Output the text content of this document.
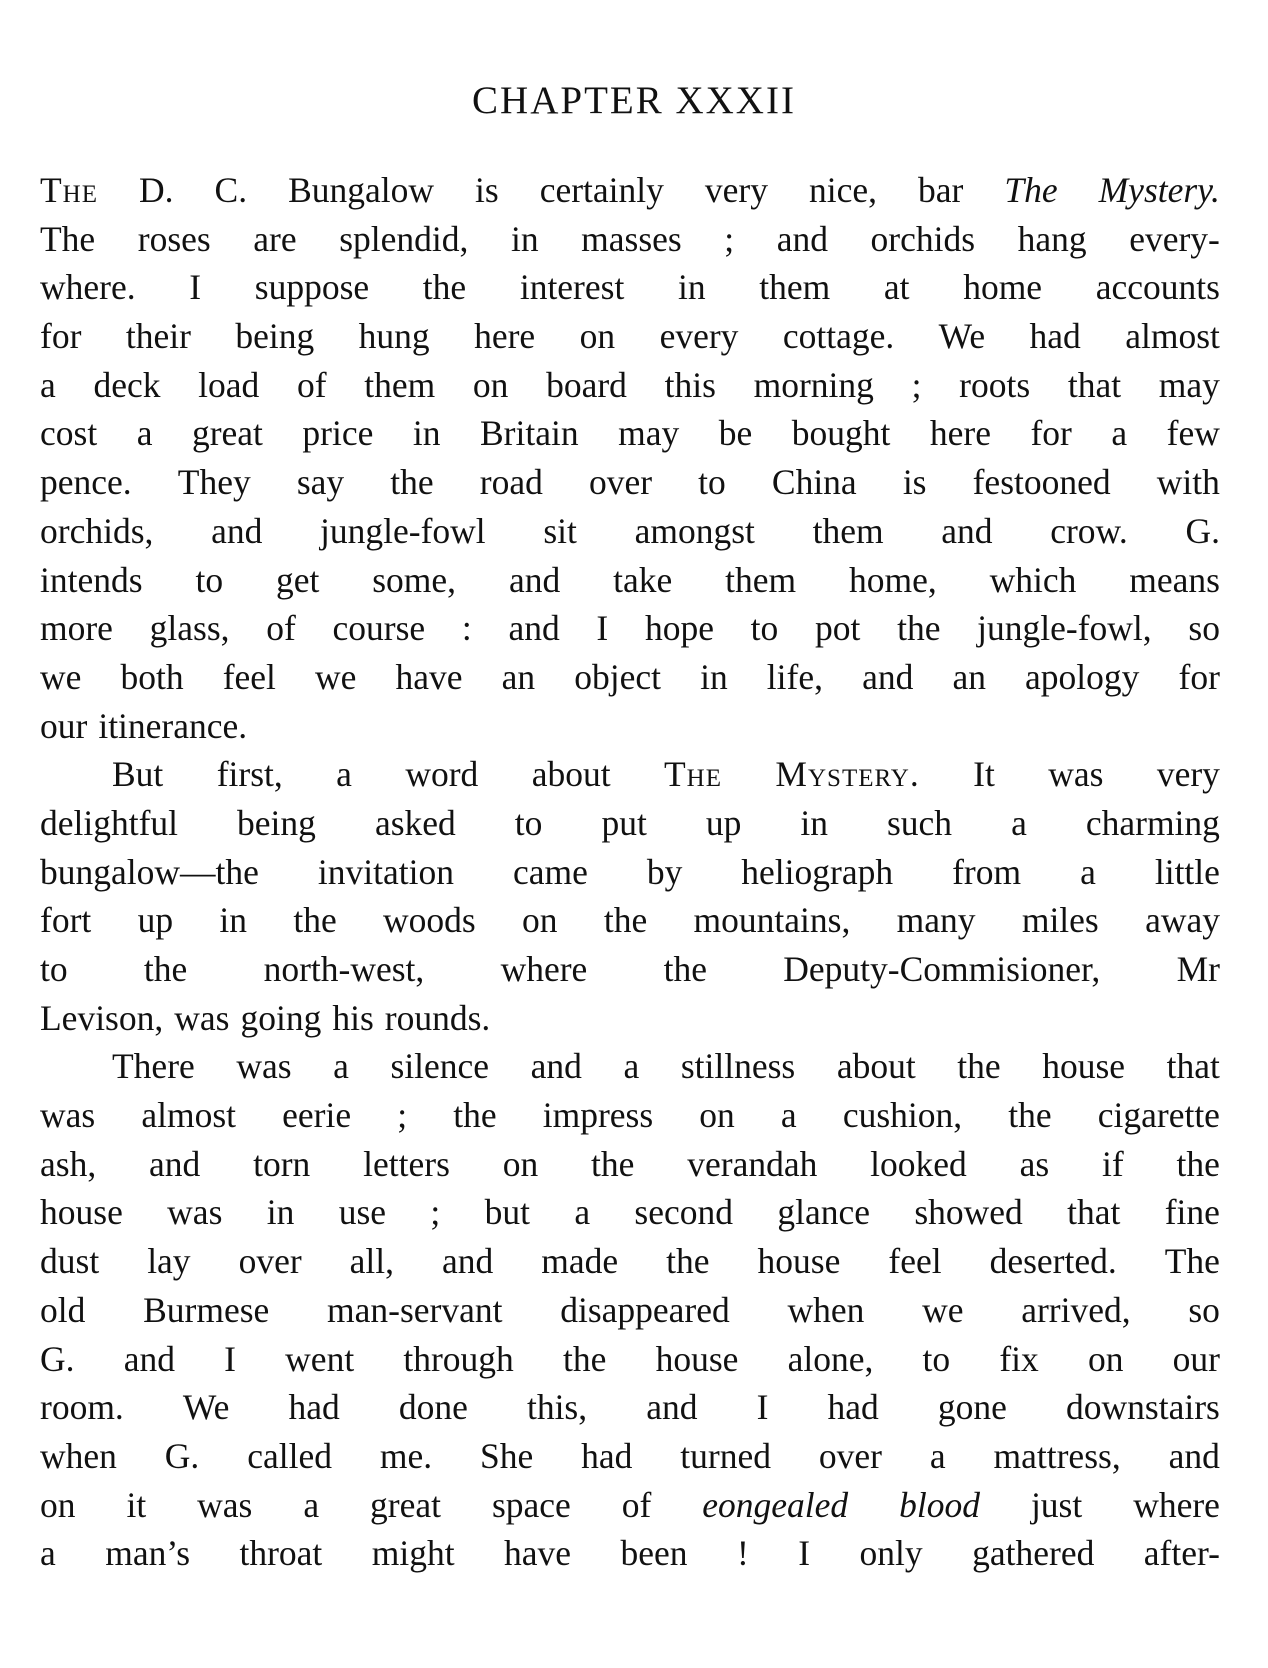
CHAPTER XXXII
The D. C. Bungalow is certainly very nice, bar The Mystery.
The roses are splendid, in masses ; and orchids hang every-
where. I suppose the interest in them at home accounts
for their being hung here on every cottage. We had almost
a deck load of them on board this morning ; roots that may
cost a great price in Britain may be bought here for a few
pence. They say the road over to China is festooned with
orchids, and jungle-fowl sit amongst them and crow. G.
intends to get some, and take them home, which means
more glass, of course : and I hope to pot the jungle-fowl, so
we both feel we have an object in life, and an apology for
our itinerance.
But first, a word about The Mystery. It was very
delightful being asked to put up in such a charming
bungalow—the invitation came by heliograph from a little
fort up in the woods on the mountains, many miles away
to the north-west, where the Deputy-Commisioner, Mr
Levison, was going his rounds.
There was a silence and a stillness about the house that
was almost eerie ; the impress on a cushion, the cigarette
ash, and torn letters on the verandah looked as if the
house was in use ; but a second glance showed that fine
dust lay over all, and made the house feel deserted. The
old Burmese man-servant disappeared when we arrived, so
G. and I went through the house alone, to fix on our
room. We had done this, and I had gone downstairs
when G. called me. She had turned over a mattress, and
on it was a great space of eongealed blood just where
a man’s throat might have been ! I only gathered after-
